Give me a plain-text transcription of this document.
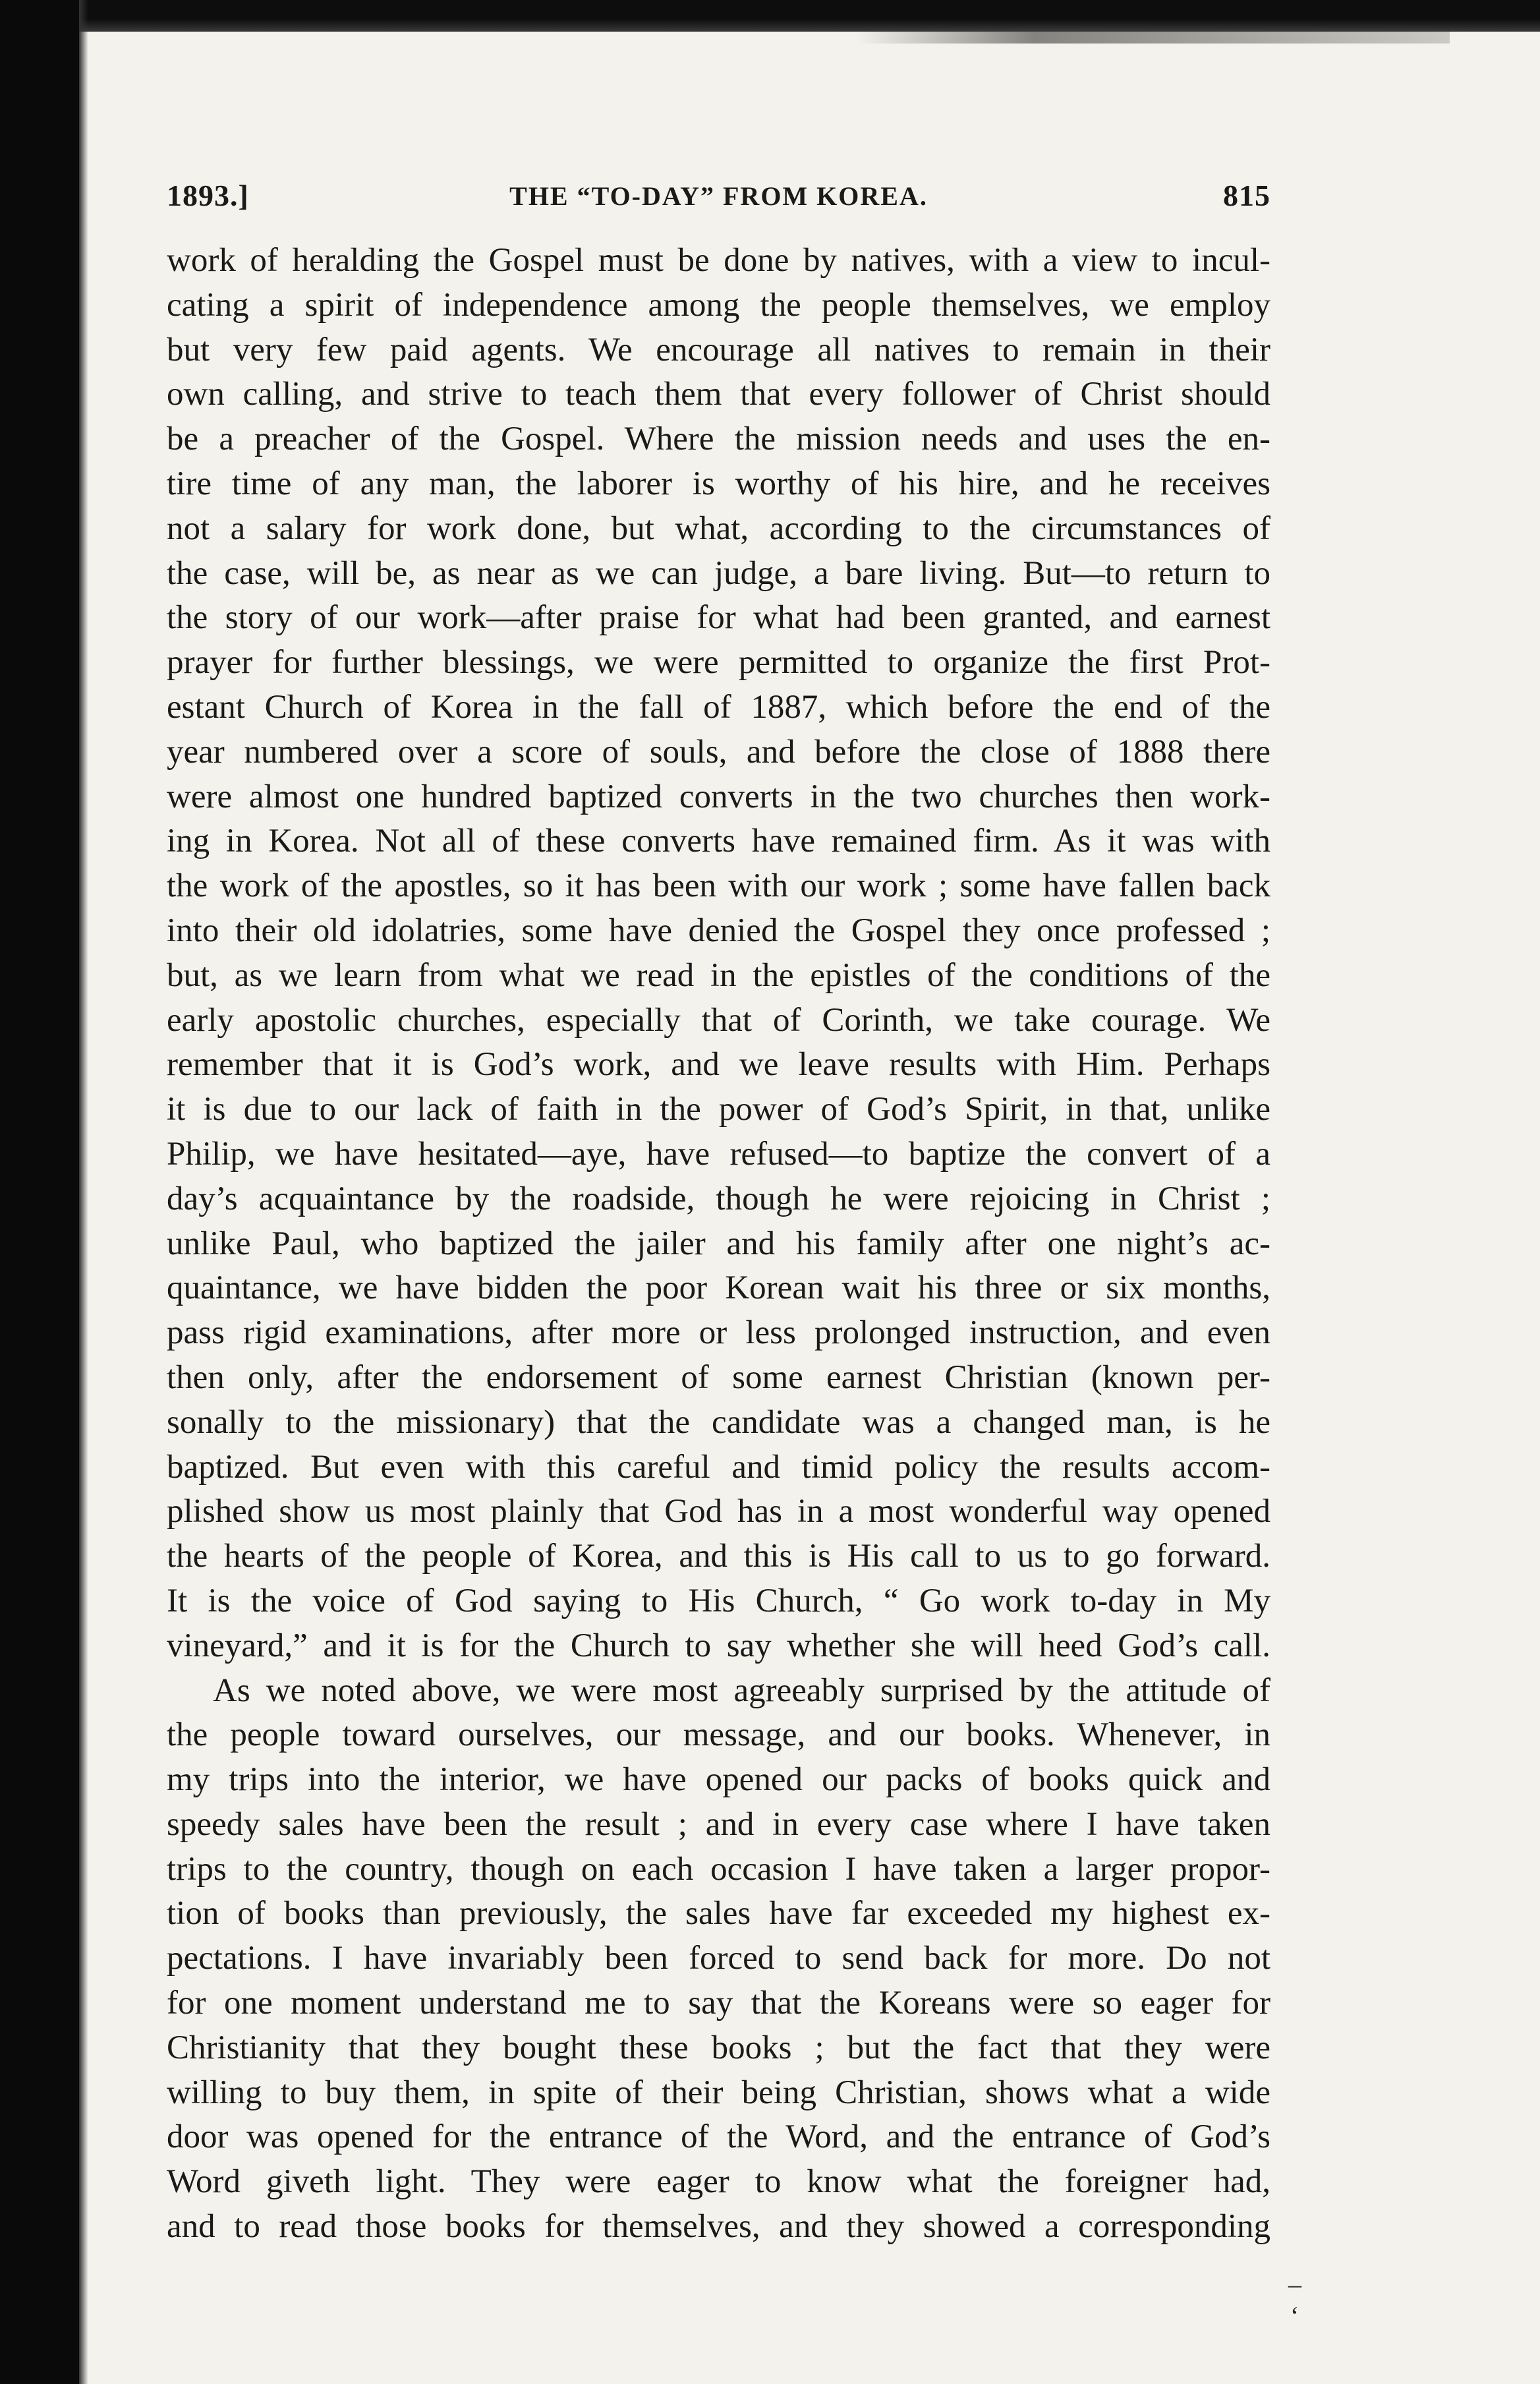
1893.]	THE “TO-DAY” FROM KOREA.	815
work of heralding the Gospel must be done by natives, with a view to incul-
cating a spirit of independence among the people themselves, we employ
but very few paid agents. We encourage all natives to remain in their
own calling, and strive to teach them that every follower of Christ should
be a preacher of the Gospel. Where the mission needs and uses the en-
tire time of any man, the laborer is worthy of his hire, and he receives
not a salary for work done, but what, according to the circumstances of
the case, will be, as near as we can judge, a bare living. But—to return to
the story of our work—after praise for what had been granted, and earnest
prayer for further blessings, we were permitted to organize the first Prot-
estant Church of Korea in the fall of 1887, which before the end of the
year numbered over a score of souls, and before the close of 1888 there
were almost one hundred baptized converts in the two churches then work-
ing in Korea. Not all of these converts have remained firm. As it was with
the work of the apostles, so it has been with our work ; some have fallen back
into their old idolatries, some have denied the Gospel they once professed ;
but, as we learn from what we read in the epistles of the conditions of the
early apostolic churches, especially that of Corinth, we take courage. We
remember that it is God’s work, and we leave results with Him. Perhaps
it is due to our lack of faith in the power of God’s Spirit, in that, unlike
Philip, we have hesitated—aye, have refused—to baptize the convert of a
day’s acquaintance by the roadside, though he were rejoicing in Christ ;
unlike Paul, who baptized the jailer and his family after one night’s ac-
quaintance, we have bidden the poor Korean wait his three or six months,
pass rigid examinations, after more or less prolonged instruction, and even
then only, after the endorsement of some earnest Christian (known per-
sonally to the missionary) that the candidate was a changed man, is he
baptized. But even with this careful and timid policy the results accom-
plished show us most plainly that God has in a most wonderful way opened
the hearts of the people of Korea, and this is His call to us to go forward.
It is the voice of God saying to His Church, “ Go work to-day in My
vineyard,” and it is for the Church to say whether she will heed God’s call.
As we noted above, we were most agreeably surprised by the attitude of
the people toward ourselves, our message, and our books. Whenever, in
my trips into the interior, we have opened our packs of books quick and
speedy sales have been the result ; and in every case where I have taken
trips to the country, though on each occasion I have taken a larger propor-
tion of books than previously, the sales have far exceeded my highest ex-
pectations. I have invariably been forced to send back for more. Do not
for one moment understand me to say that the Koreans were so eager for
Christianity that they bought these books ; but the fact that they were
willing to buy them, in spite of their being Christian, shows what a wide
door was opened for the entrance of the Word, and the entrance of God’s
Word giveth light. They were eager to know what the foreigner had,
and to read those books for themselves, and they showed a corresponding
–
‘
